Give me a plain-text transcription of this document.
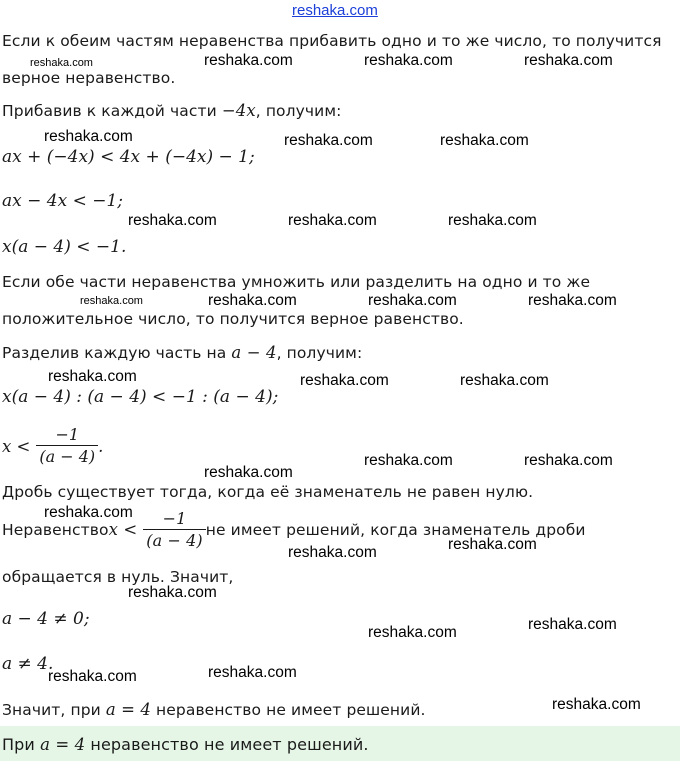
reshaka.com
Если к обеим частям неравенства прибавить одно и то же число, то получится
верное неравенство.
Прибавив к каждой части −4x, получим:
ax + (−4x) < 4x + (−4x) − 1;
ax − 4x < −1;
x(a − 4) < −1.
Если обе части неравенства умножить или разделить на одно и то же
положительное число, то получится верное равенство.
Разделив каждую часть на a − 4, получим:
x(a − 4) : (a − 4) < −1 : (a − 4);
$x < \frac{-1}{(a - 4)}$ .
Дробь существует тогда, когда её знаменатель не равен нулю.
Неравенство $x < \frac{-1}{(a - 4)}$ не имеет решений, когда знаменатель дроби
обращается в нуль. Значит,
a − 4 ≠ 0;
a ≠ 4.
Значит, при a = 4 неравенство не имеет решений.
При a = 4 неравенство не имеет решений.
reshaka.com	reshaka.com	reshaka.com	reshaka.com
reshaka.com	reshaka.com	reshaka.com
reshaka.com	reshaka.com	reshaka.com
reshaka.com	reshaka.com	reshaka.com	reshaka.com
reshaka.com	reshaka.com	reshaka.com
reshaka.com
reshaka.com	reshaka.com
reshaka.com
reshaka.com	reshaka.com
reshaka.com
reshaka.com	reshaka.com
reshaka.com	reshaka.com
reshaka.com
